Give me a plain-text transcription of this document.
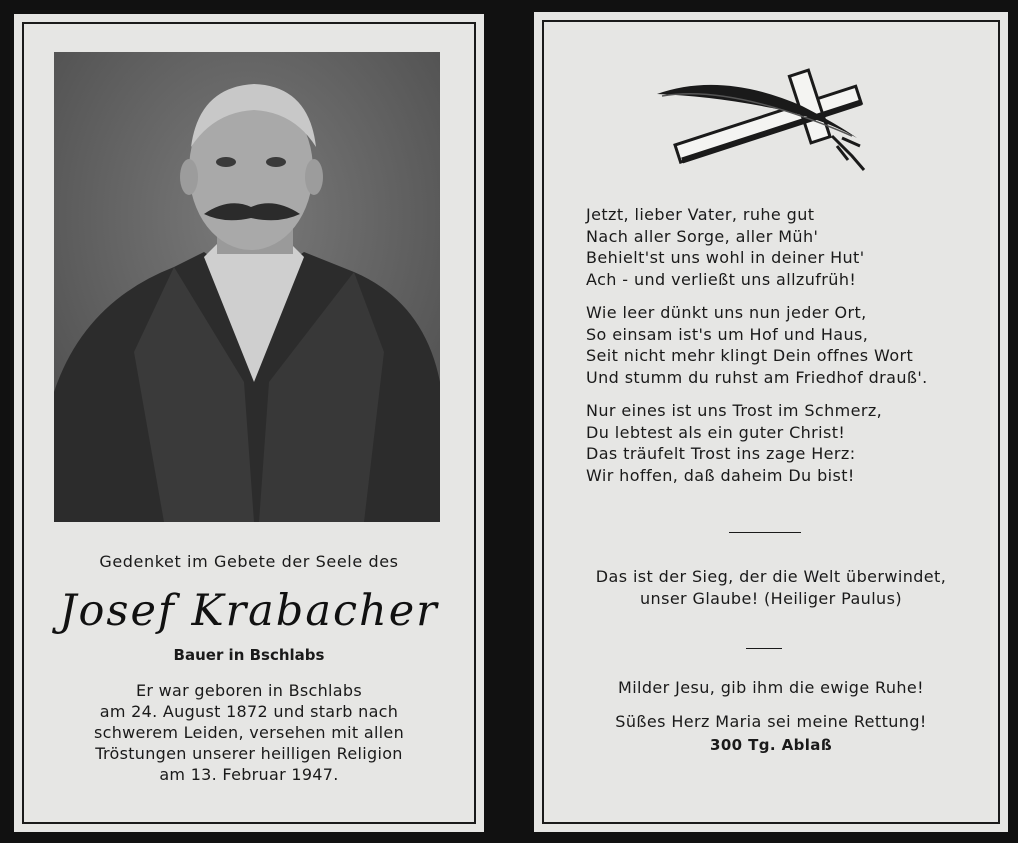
Gedenket im Gebete der Seele des
Josef Krabacher
Bauer in Bschlabs
Er war geboren in Bschlabs
am 24. August 1872 und starb nach
schwerem Leiden, versehen mit allen
Tröstungen unserer heilligen Religion
am 13. Februar 1947.
Jetzt, lieber Vater, ruhe gut
Nach aller Sorge, aller Müh'
Behielt'st uns wohl in deiner Hut'
Ach - und verließt uns allzufrüh!
Wie leer dünkt uns nun jeder Ort,
So einsam ist's um Hof und Haus,
Seit nicht mehr klingt Dein offnes Wort
Und stumm du ruhst am Friedhof drauß'.
Nur eines ist uns Trost im Schmerz,
Du lebtest als ein guter Christ!
Das träufelt Trost ins zage Herz:
Wir hoffen, daß daheim Du bist!
Das ist der Sieg, der die Welt überwindet,
unser Glaube! (Heiliger Paulus)
Milder Jesu, gib ihm die ewige Ruhe!
Süßes Herz Maria sei meine Rettung!
300 Tg. Ablaß
